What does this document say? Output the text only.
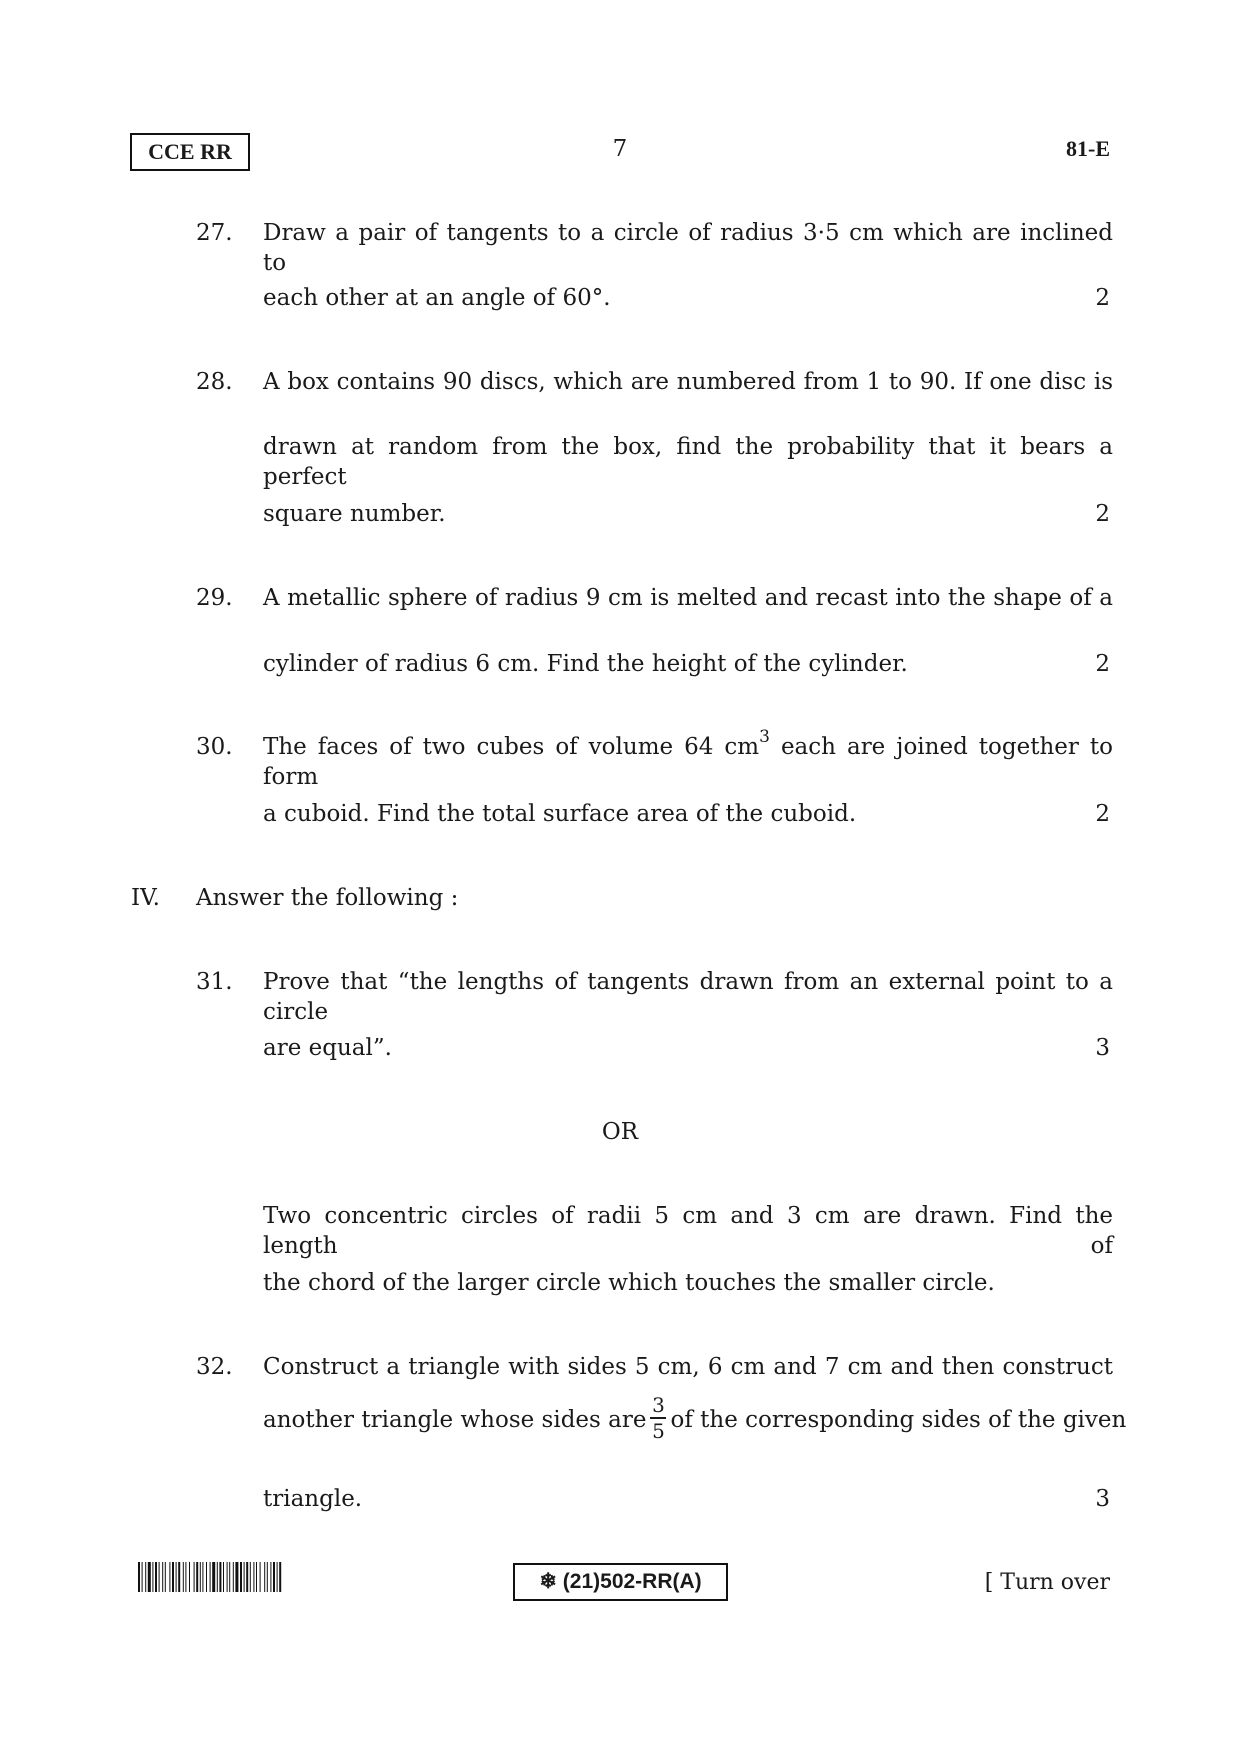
CCE RR	7	81-E
27.	Draw a pair of tangents to a circle of radius 3·5 cm which are inclined to
each other at an angle of 60°.	2
28.	A box contains 90 discs, which are numbered from 1 to 90. If one disc is
drawn at random from the box, find the probability that it bears a perfect
square number.	2
29.	A metallic sphere of radius 9 cm is melted and recast into the shape of a
cylinder of radius 6 cm. Find the height of the cylinder.	2
30.	The faces of two cubes of volume 64 $cm^3$ each are joined together to form
a cuboid. Find the total surface area of the cuboid.	2
IV. Answer the following :
31.	Prove that “the lengths of tangents drawn from an external point to a circle
are equal”.	3
OR
Two concentric circles of radii 5 cm and 3 cm are drawn. Find the length of
the chord of the larger circle which touches the smaller circle.
32.	Construct a triangle with sides 5 cm, 6 cm and 7 cm and then construct
another triangle whose sides are $\frac{3}{5}$ of the corresponding sides of the given
triangle.	3
❄ (21)502-RR(A)	[ Turn over
